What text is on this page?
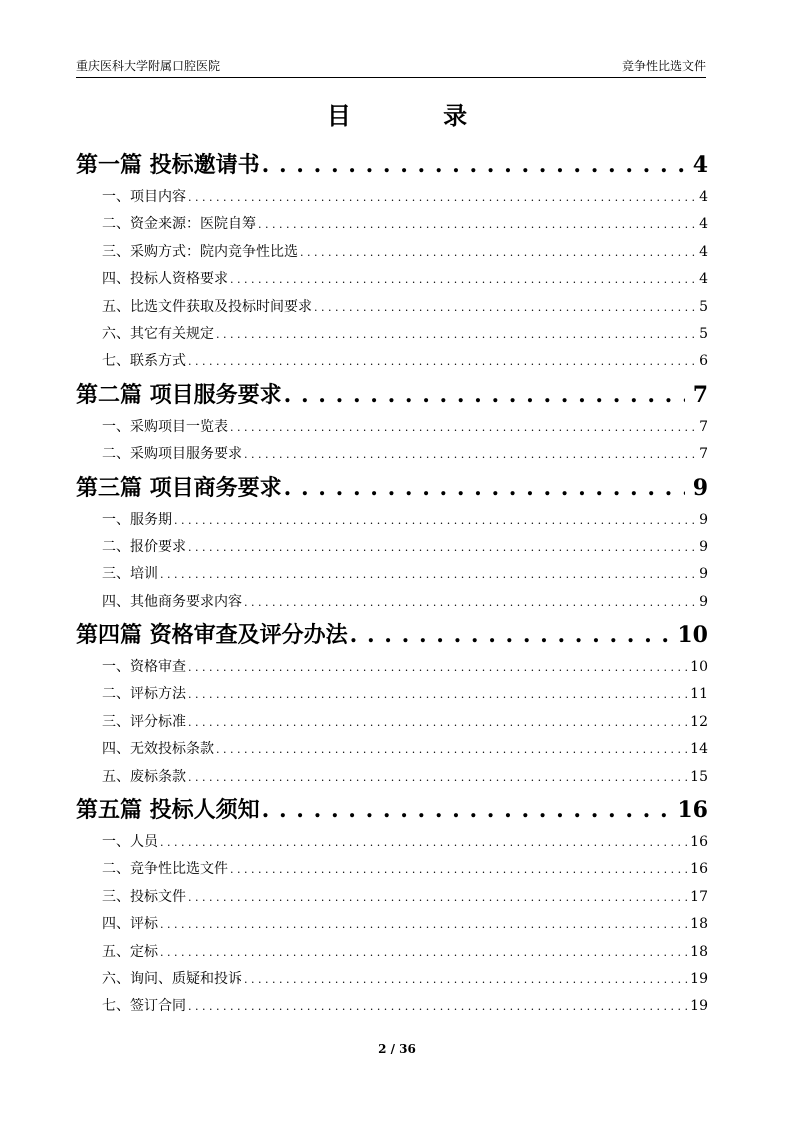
重庆医科大学附属口腔医院	竞争性比选文件
目 录
第一篇 投标邀请书 . . .	4
一、项目内容 . . .	4
二、资金来源：医院自筹 . . .	4
三、采购方式：院内竞争性比选 . . .	4
四、投标人资格要求 . . .	4
五、比选文件获取及投标时间要求 . . .	5
六、其它有关规定 . . .	5
七、联系方式 . . .	6
第二篇 项目服务要求 . . .	7
一、采购项目一览表 . . .	7
二、采购项目服务要求 . . .	7
第三篇 项目商务要求 . . .	9
一、服务期 . . .	9
二、报价要求 . . .	9
三、培训 . . .	9
四、其他商务要求内容 . . .	9
第四篇 资格审查及评分办法 . . .	10
一、资格审查 . . .	10
二、评标方法 . . .	11
三、评分标准 . . .	12
四、无效投标条款 . . .	14
五、废标条款 . . .	15
第五篇 投标人须知 . . .	16
一、人员 . . .	16
二、竞争性比选文件 . . .	16
三、投标文件 . . .	17
四、评标 . . .	18
五、定标 . . .	18
六、询问、质疑和投诉 . . .	19
七、签订合同 . . .	19
2 / 36
